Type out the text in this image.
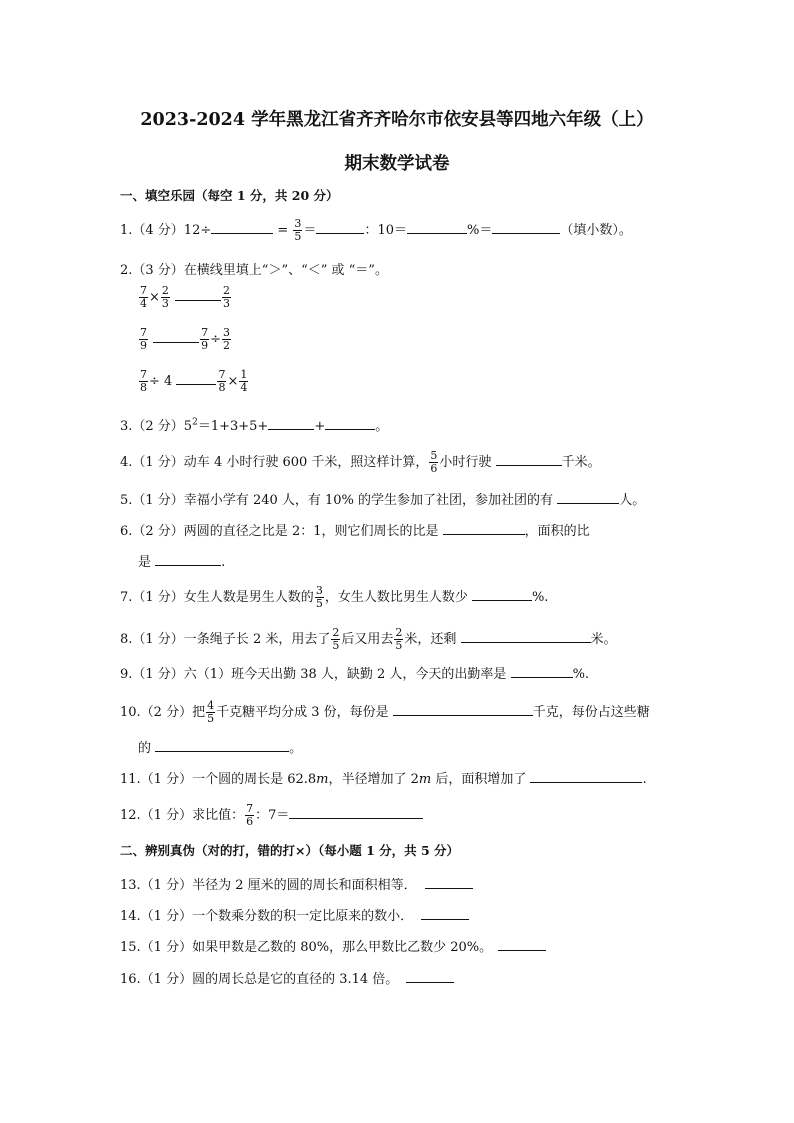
2023-2024 学年黑龙江省齐齐哈尔市依安县等四地六年级（上）
期末数学试卷
一、填空乐园（每空 1 分，共 20 分）
1.（4 分）12÷	= $\frac{3}{5}$ ＝	：10＝	%＝	（填小数）。
2.（3 分）在横线里填上“＞”、“＜” 或 “＝”。
$\frac{7}{4} \times \frac{2}{3}$
	$\frac{2}{3}$
$\frac{7}{9}$
	$\frac{7}{9} \div \frac{3}{2}$
$\frac{7}{8} \div 4$	$\frac{7}{8} \times \frac{1}{4}$
3.（2 分）$5^2=1+3+5+$	+	。
4.（1 分）动车 4 小时行驶 600 千米，照这样计算， $\frac{5}{6}$ 小时行驶	千米。
5.（1 分）幸福小学有 240 人，有 10% 的学生参加了社团，参加社团的有	人。
6.（2 分）两圆的直径之比是 2：1，则它们周长的比是	，面积的比
是	.
7.（1 分）女生人数是男生人数的 $\frac{3}{5}$ ，女生人数比男生人数少	%.
8.（1 分）一条绳子长 2 米，用去了 $\frac{2}{5}$ 后又用去 $\frac{2}{5}$ 米，还剩	米。
9.（1 分）六（1）班今天出勤 38 人，缺勤 2 人，今天的出勤率是	%.
10.（2 分）把 $\frac{4}{5}$ 千克糖平均分成 3 份，每份是	千克，每份占这些糖
的	。
11.（1 分）一个圆的周长是 62.8m，半径增加了 2m 后，面积增加了	.
12.（1 分）求比值： $\frac{7}{6}$ ：7＝
二、辨别真伪（对的打，错的打×）（每小题 1 分，共 5 分）
13.（1 分）半径为 2 厘米的圆的周长和面积相等．
14.（1 分）一个数乘分数的积一定比原来的数小．
15.（1 分）如果甲数是乙数的 80%，那么甲数比乙数少 20%。
16.（1 分）圆的周长总是它的直径的 3.14 倍。
